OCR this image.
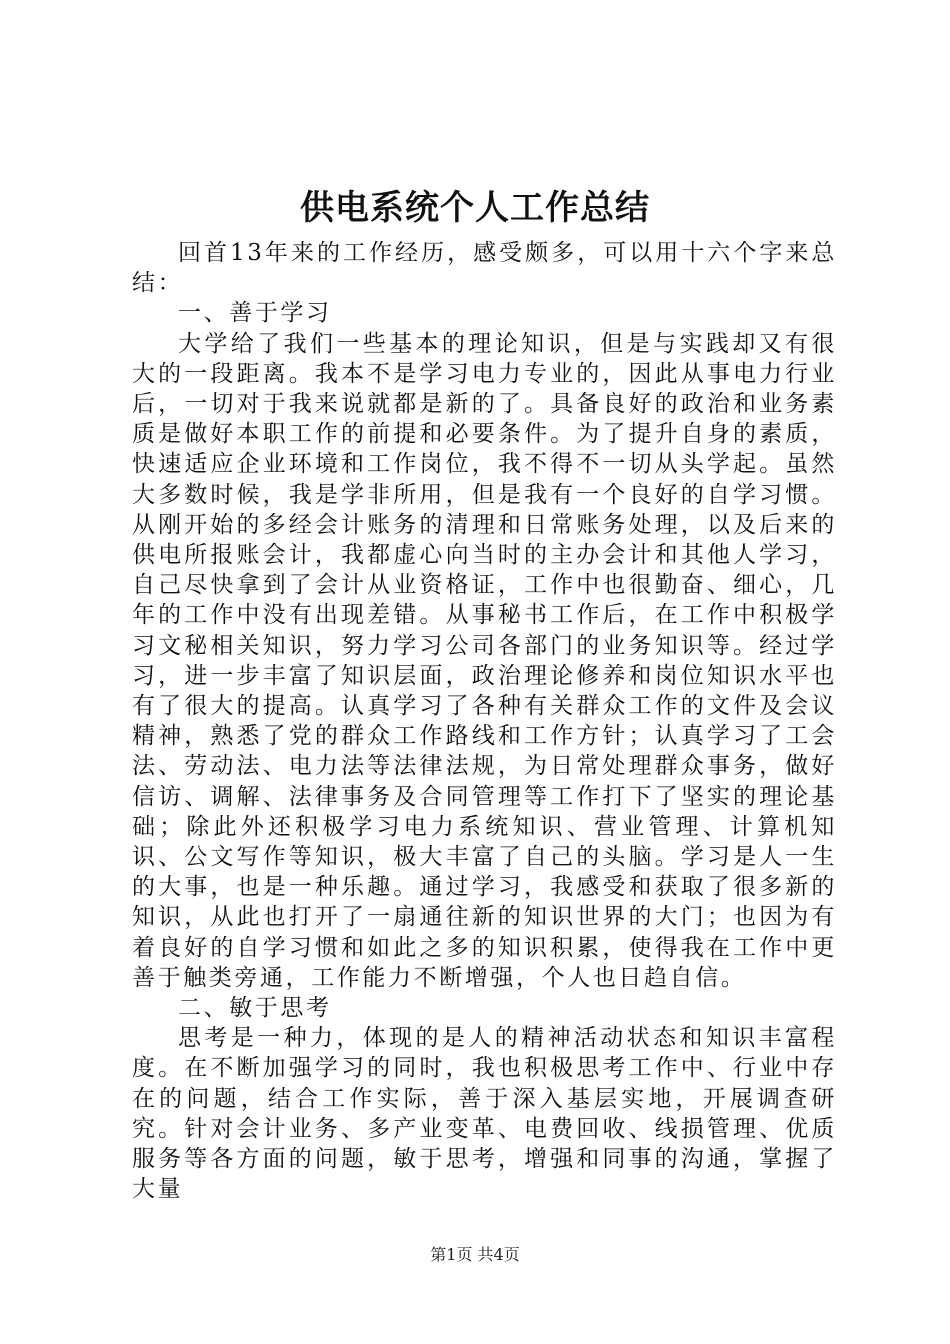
供电系统个人工作总结

回首13年来的工作经历，感受颇多，可以用十六个字来总结：

一、善于学习

大学给了我们一些基本的理论知识，但是与实践却又有很大的一段距离。我本不是学习电力专业的，因此从事电力行业后，一切对于我来说就都是新的了。具备良好的政治和业务素质是做好本职工作的前提和必要条件。为了提升自身的素质，快速适应企业环境和工作岗位，我不得不一切从头学起。虽然大多数时候，我是学非所用，但是我有一个良好的自学习惯。从刚开始的多经会计账务的清理和日常账务处理，以及后来的供电所报账会计，我都虚心向当时的主办会计和其他人学习，自己尽快拿到了会计从业资格证，工作中也很勤奋、细心，几年的工作中没有出现差错。从事秘书工作后，在工作中积极学习文秘相关知识，努力学习公司各部门的业务知识等。经过学习，进一步丰富了知识层面，政治理论修养和岗位知识水平也有了很大的提高。认真学习了各种有关群众工作的文件及会议精神，熟悉了党的群众工作路线和工作方针；认真学习了工会法、劳动法、电力法等法律法规，为日常处理群众事务，做好信访、调解、法律事务及合同管理等工作打下了坚实的理论基础；除此外还积极学习电力系统知识、营业管理、计算机知识、公文写作等知识，极大丰富了自己的头脑。学习是人一生的大事，也是一种乐趣。通过学习，我感受和获取了很多新的知识，从此也打开了一扇通往新的知识世界的大门；也因为有着良好的自学习惯和如此之多的知识积累，使得我在工作中更善于触类旁通，工作能力不断增强，个人也日趋自信。

二、敏于思考

思考是一种力，体现的是人的精神活动状态和知识丰富程度。在不断加强学习的同时，我也积极思考工作中、行业中存在的问题，结合工作实际，善于深入基层实地，开展调查研究。针对会计业务、多产业变革、电费回收、线损管理、优质服务等各方面的问题，敏于思考，增强和同事的沟通，掌握了大量

第1页 共4页
